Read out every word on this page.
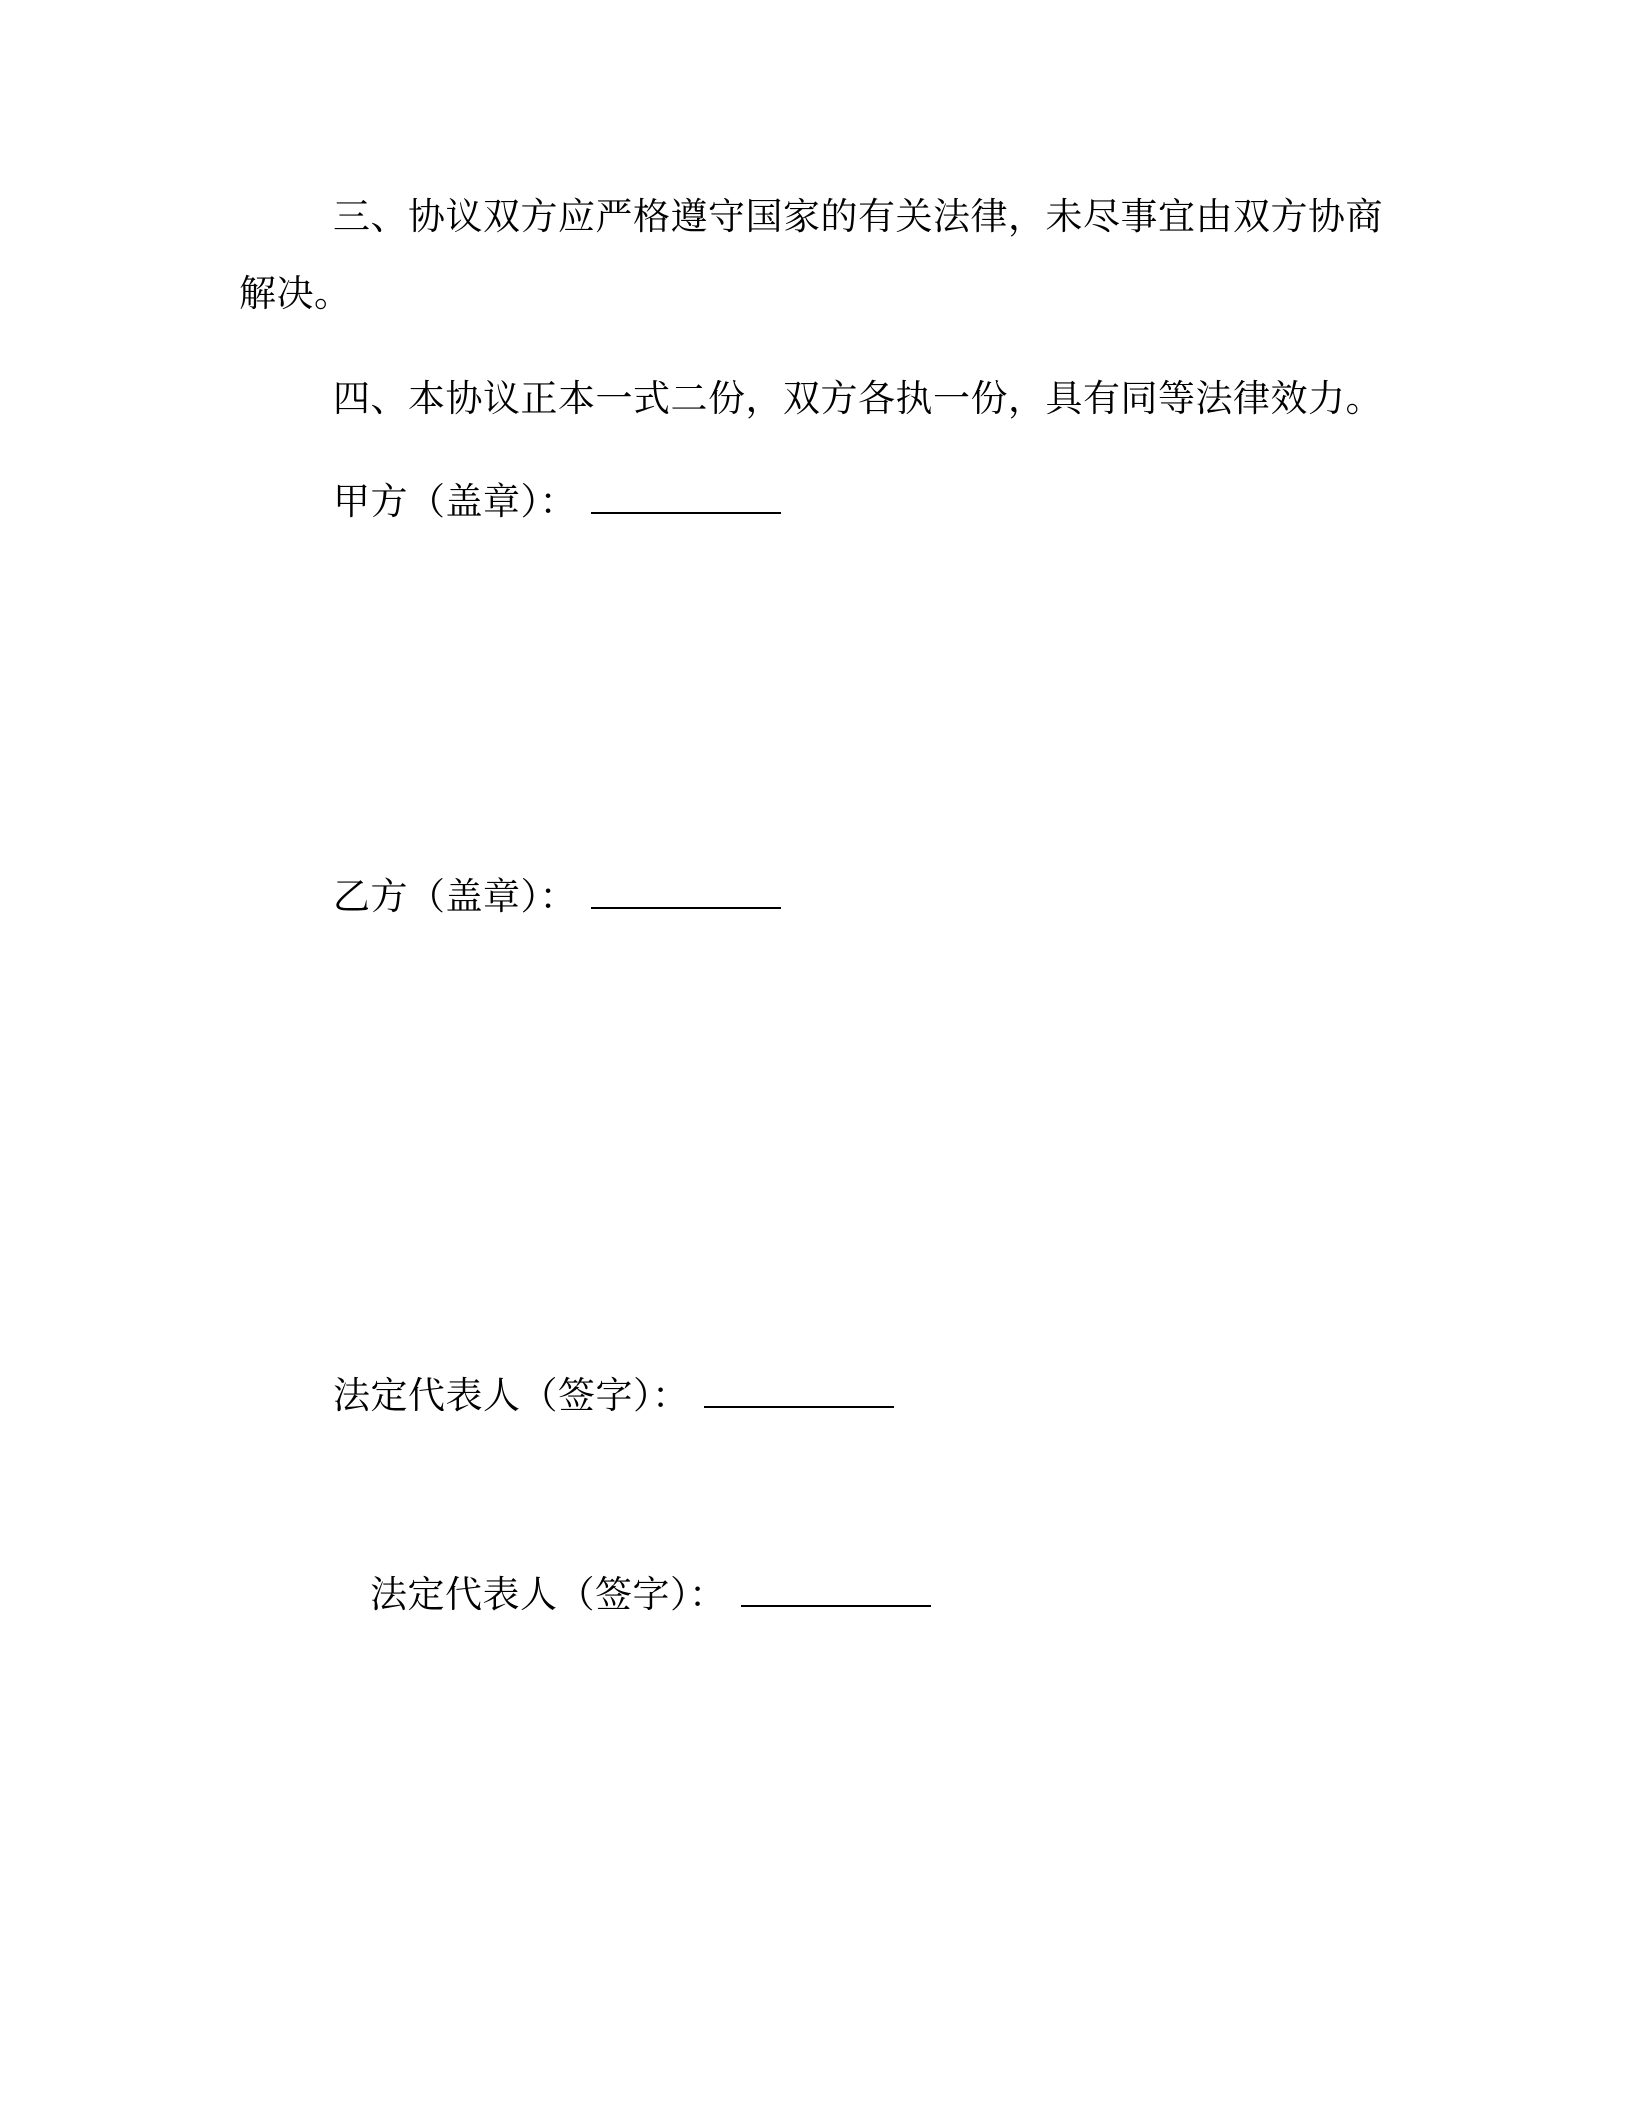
三、协议双方应严格遵守国家的有关法律，未尽事宜由双方协商
解决。
四、本协议正本一式二份，双方各执一份，具有同等法律效力。
甲方（盖章）：
乙方（盖章）：
法定代表人（签字）：
法定代表人（签字）：
